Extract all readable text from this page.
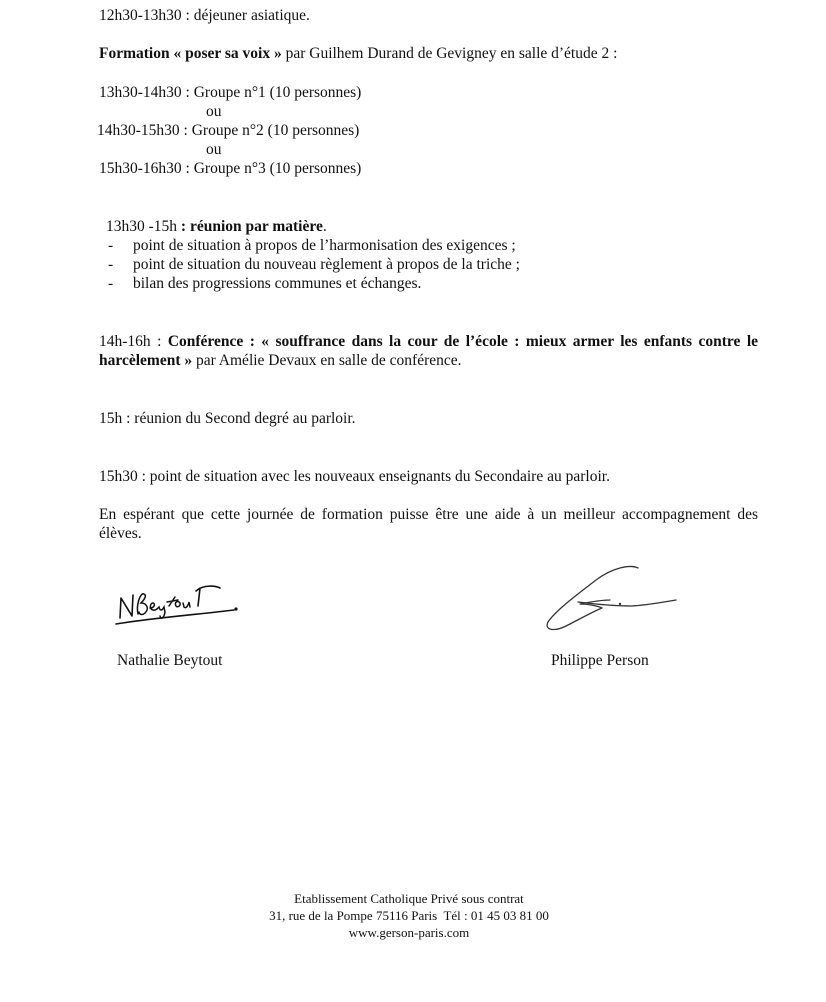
12h30-13h30 : déjeuner asiatique.
Formation « poser sa voix » par Guilhem Durand de Gevigney en salle d’étude 2 :
13h30-14h30 : Groupe n°1 (10 personnes)
ou
14h30-15h30 : Groupe n°2 (10 personnes)
ou
15h30-16h30 : Groupe n°3 (10 personnes)
13h30 -15h : réunion par matière.
- point de situation à propos de l’harmonisation des exigences ;
- point de situation du nouveau règlement à propos de la triche ;
- bilan des progressions communes et échanges.
14h-16h : Conférence : « souffrance dans la cour de l’école : mieux armer les enfants contre le harcèlement » par Amélie Devaux en salle de conférence.
15h : réunion du Second degré au parloir.
15h30 : point de situation avec les nouveaux enseignants du Secondaire au parloir.
En espérant que cette journée de formation puisse être une aide à un meilleur accompagnement des élèves.
Nathalie Beytout	Philippe Person
Etablissement Catholique Privé sous contrat
31, rue de la Pompe 75116 Paris  Tél : 01 45 03 81 00
www.gerson-paris.com
